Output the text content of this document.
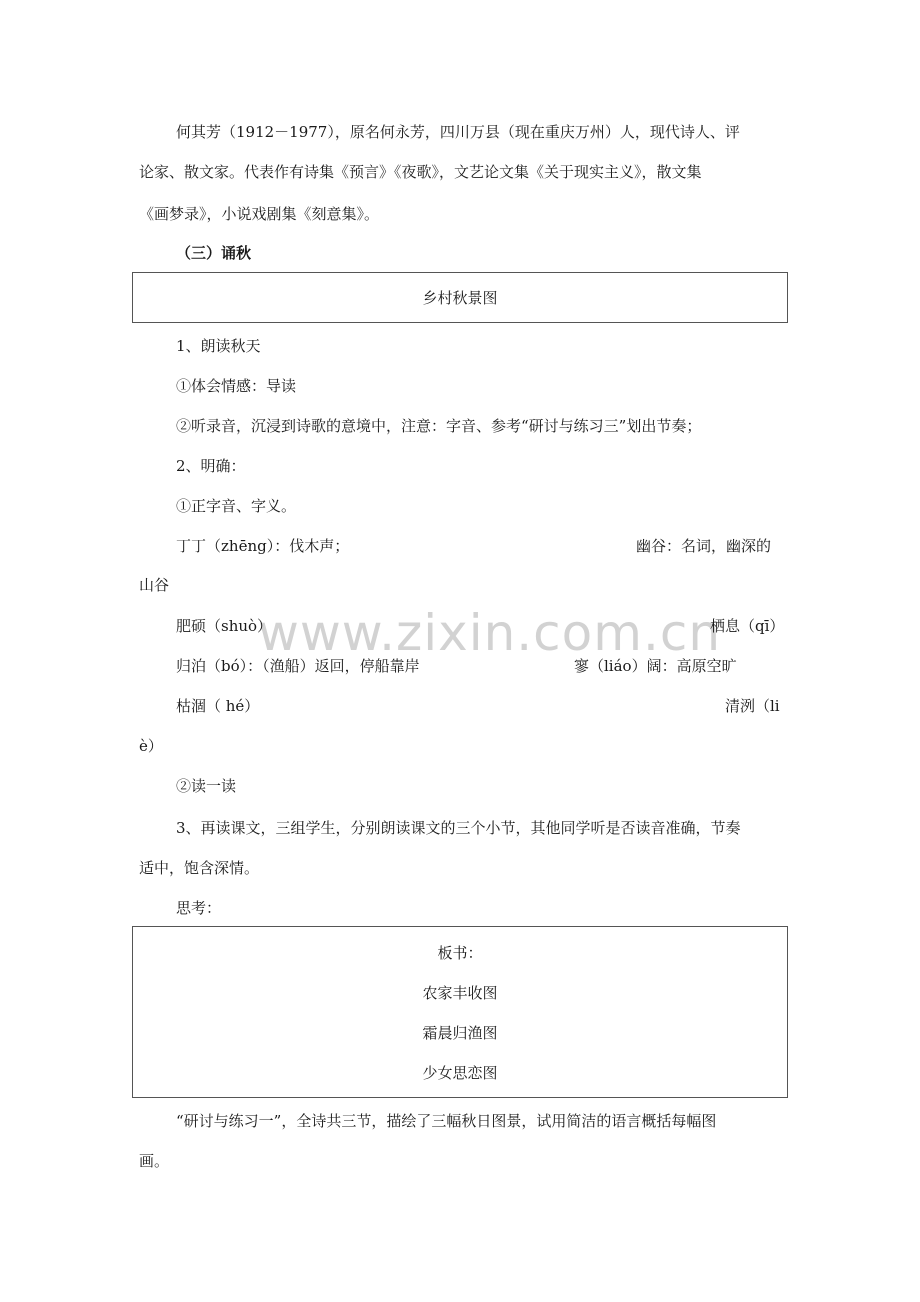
www.zixin.com.cn
何其芳（1912－1977），原名何永芳，四川万县（现在重庆万州）人，现代诗人、评
论家、散文家。代表作有诗集《预言》《夜歌》，文艺论文集《关于现实主义》，散文集
《画梦录》，小说戏剧集《刻意集》。
（三）诵秋
乡村秋景图
1、朗读秋天
①体会情感：导读
②听录音，沉浸到诗歌的意境中，注意：字音、参考“研讨与练习三”划出节奏；
2、明确：
①正字音、字义。
丁丁（zhēng）：伐木声；	幽谷：名词，幽深的
山谷
肥硕（shuò）	栖息（qī）
归泊（bó）：（渔船）返回，停船靠岸	寥（liáo）阔：高原空旷
枯涸（ hé）	清洌（li
è）
②读一读
3、再读课文，三组学生，分别朗读课文的三个小节，其他同学听是否读音准确，节奏
适中，饱含深情。
思考：
板书：
农家丰收图
霜晨归渔图
少女思恋图
“研讨与练习一”，全诗共三节，描绘了三幅秋日图景，试用简洁的语言概括每幅图
画。
